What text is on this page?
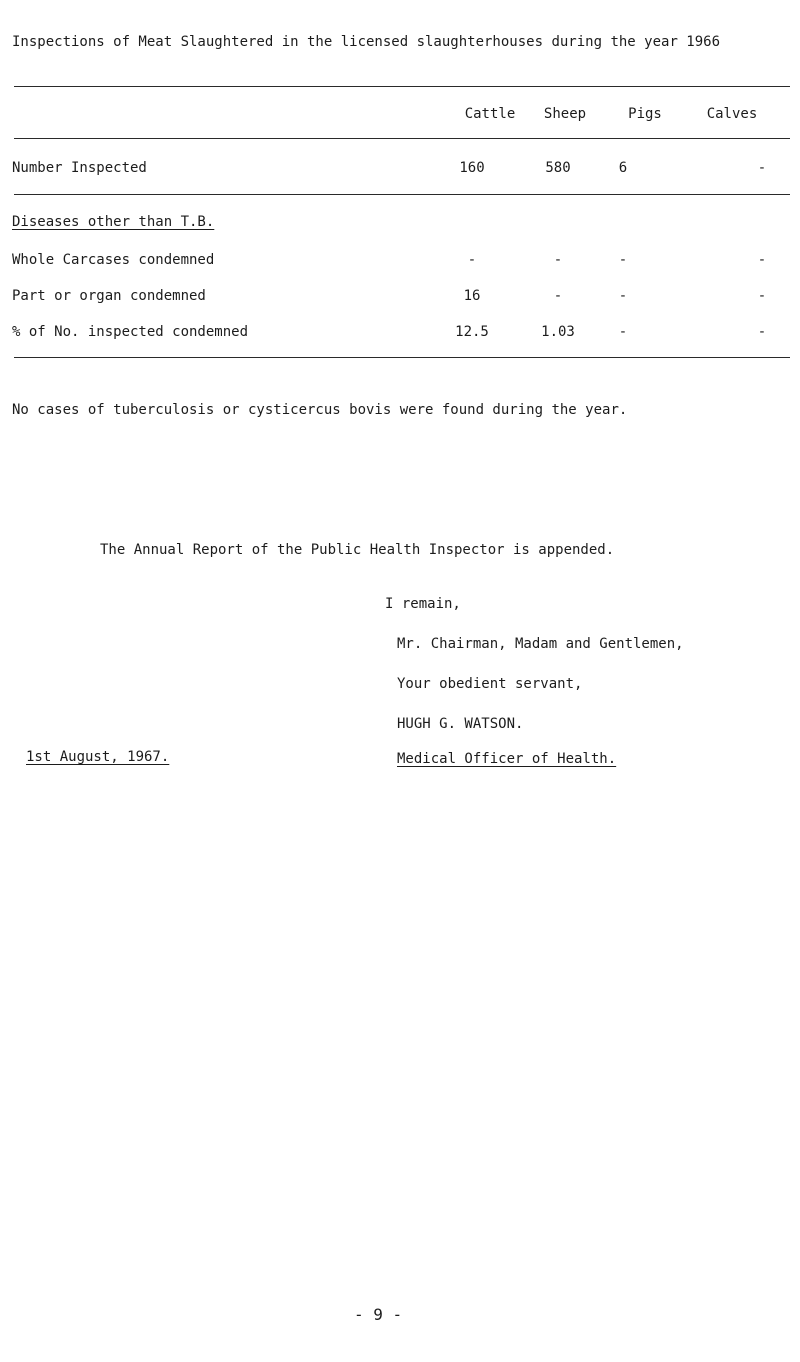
Inspections of Meat Slaughtered in the licensed slaughterhouses during the year 1966
Cattle	Sheep	Pigs	Calves
Number Inspected	160	580	6	-
Diseases other than T.B.
Whole Carcases condemned	-	-	-	-
Part or organ condemned	16	-	-	-
% of No. inspected condemned	12.5	1.03	-	-
No cases of tuberculosis or cysticercus bovis were found during the year.
The Annual Report of the Public Health Inspector is appended.
I remain,
Mr. Chairman, Madam and Gentlemen,
Your obedient servant,
HUGH G. WATSON.
1st August, 1967.	Medical Officer of Health.
- 9 -
